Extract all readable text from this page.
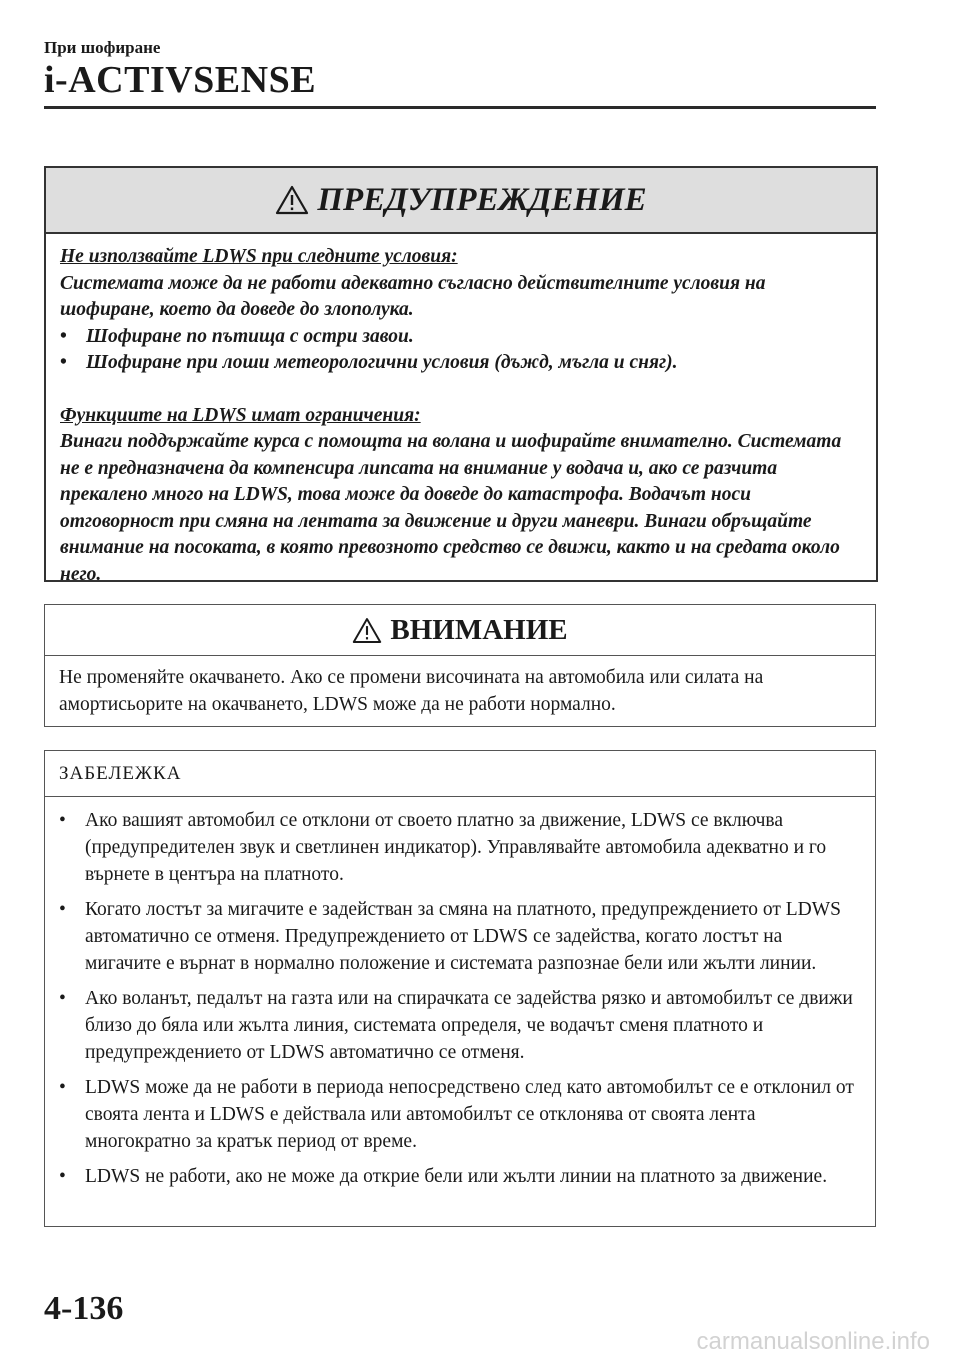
При шофиране
i-ACTIVSENSE
ПРЕДУПРЕЖДЕНИЕ
Не използвайте LDWS при следните условия:
Системата може да не работи адекватно съгласно действителните условия на шофиране, което да доведе до злополука.
• Шофиране по пътища с остри завои.
• Шофиране при лоши метеорологични условия (дъжд, мъгла и сняг).
Функциите на LDWS имат ограничения:
Винаги поддържайте курса с помощта на волана и шофирайте внимателно. Системата не е предназначена да компенсира липсата на внимание у водача и, ако се разчита прекалено много на LDWS, това може да доведе до катастрофа. Водачът носи отговорност при смяна на лентата за движение и други маневри. Винаги обръщайте внимание на посоката, в която превозното средство се движи, както и на средата около него.
ВНИМАНИЕ
Не променяйте окачването. Ако се промени височината на автомобила или силата на амортисьорите на окачването, LDWS може да не работи нормално.
ЗАБЕЛЕЖКА
• Ако вашият автомобил се отклони от своето платно за движение, LDWS се включва (предупредителен звук и светлинен индикатор). Управлявайте автомобила адекватно и го върнете в центъра на платното.
• Когато лостът за мигачите е задействан за смяна на платното, предупреждението от LDWS автоматично се отменя. Предупреждението от LDWS се задейства, когато лостът на мигачите е върнат в нормално положение и системата разпознае бели или жълти линии.
• Ако воланът, педалът на газта или на спирачката се задейства рязко и автомобилът се движи близо до бяла или жълта линия, системата определя, че водачът сменя платното и предупреждението от LDWS автоматично се отменя.
• LDWS може да не работи в периода непосредствено след като автомобилът се е отклонил от своята лента и LDWS е действала или автомобилът се отклонява от своята лента многократно за кратък период от време.
• LDWS не работи, ако не може да открие бели или жълти линии на платното за движение.
4-136
carmanualsonline.info
